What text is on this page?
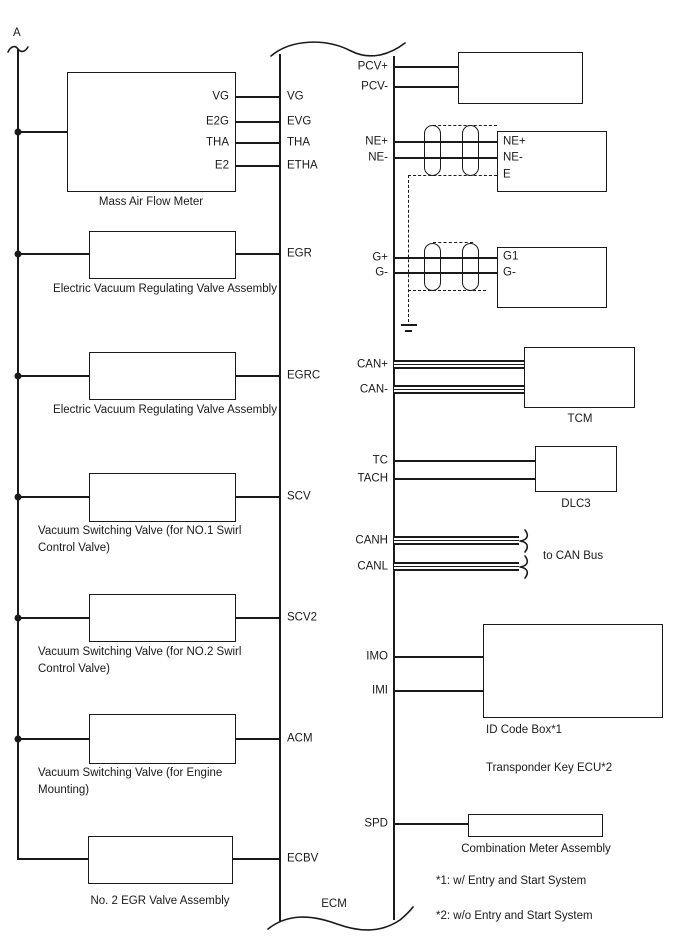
A
ECM
VG
E2G
THA
E2
Mass Air Flow Meter
VG
EVG
THA
ETHA
EGR
EGRC
SCV
SCV2
ACM
ECBV
Electric Vacuum Regulating Valve Assembly
Electric Vacuum Regulating Valve Assembly
Vacuum Switching Valve (for NO.1 Swirl Control Valve)
Vacuum Switching Valve (for NO.2 Swirl Control Valve)
Vacuum Switching Valve (for Engine Mounting)
No. 2 EGR Valve Assembly
PCV+
PCV-
NE+
NE-
G+
G-
CAN+
CAN-
TC
TACH
CANH
CANL
IMO
IMI
SPD
NE+
NE-
E
G1
G-
TCM
DLC3
to CAN Bus
ID Code Box*1
Transponder Key ECU*2
Combination Meter Assembly
*1: w/ Entry and Start System
*2: w/o Entry and Start System
